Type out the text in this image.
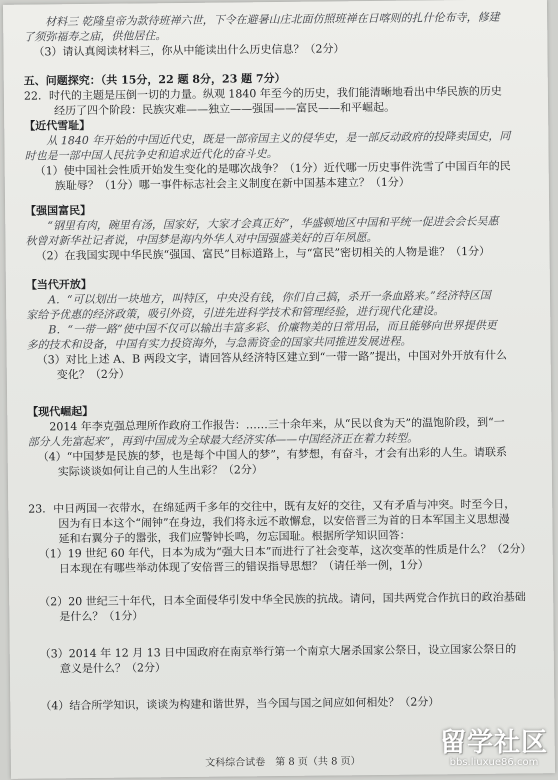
材料三 乾隆皇帝为款待班禅六世，下令在避暑山庄北面仿照班禅在日喀则的扎什伦布寺，修建

了须弥福寿之庙，供他居住。

（3）请认真阅读材料三，你从中能读出什么历史信息？（2分）

五、问题探究：（共 15分，22 题 8分，23 题 7分）

22．时代的主题是压倒一切的力量。纵观 1840 年至今的历史，我们能清晰地看出中华民族的历史

经历了四个阶段：民族灾难——独立——强国——富民——和平崛起。

【近代雪耻】

从 1840 年开始的中国近代史，既是一部帝国主义的侵华史，是一部反动政府的投降卖国史，同

时也是一部中国人民抗争史和追求近代化的奋斗史。

（1）使中国社会性质开始发生变化的是哪次战争？（1分）近代哪一历史事件洗雪了中国百年的民

族耻辱？（1分）哪一事件标志社会主义制度在新中国基本建立？（1分）

【强国富民】

“钢里有肉，碗里有汤，国家好，大家才会真正好”，华盛顿地区中国和平统一促进会会长吴惠

秋曾对新华社记者说，中国梦是海内外华人对中国强盛美好的百年夙愿。

（2）在我国实现中华民族“强国、富民”目标道路上，与“富民”密切相关的人物是谁？（1分）

【当代开放】

A．“可以划出一块地方，叫特区，中央没有钱，你们自己搞，杀开一条血路来。”经济特区国

家给予优惠的经济政策，吸引外资，引进先进科学技术和管理经验，进行现代化建设。

B．“一带一路”使中国不仅可以输出丰富多彩、价廉物美的日常用品，而且能够向世界提供更

多的技术和设备，中国有实力投资海外，与急需资金的国家共同推进发展进程。

（3）对比上述 A、B 两段文字，请回答从经济特区建立到“一带一路”提出，中国对外开放有什么

变化？（2分）

【现代崛起】

2014 年李克强总理所作政府工作报告：……三十余年来，从“民以食为天”的温饱阶段，到“一

部分人先富起来”，再到中国成为全球最大经济实体——中国经济正在着力转型。

（4）“中国梦是民族的梦，也是每个中国人的梦”，有梦想，有奋斗，才会有出彩的人生。请联系

实际谈谈如何让自己的人生出彩？（2分）

23．中日两国一衣带水，在绵延两千多年的交往中，既有友好的交往，又有矛盾与冲突。时至今日，

因为有日本这个“闹钟”在身边，我们将永远不敢懈怠，以安倍晋三为首的日本军国主义思想漫

延和右翼分子的嚣张，我们应警钟长鸣，勿忘国耻。根据所学知识回答：

（1）19 世纪 60 年代，日本为成为“强大日本”而进行了社会变革，这次变革的性质是什么？（2分）

日本现在有哪些举动体现了安倍晋三的错误指导思想？（请任举一例，1分）

（2）20 世纪三十年代，日本全面侵华引发中华全民族的抗战。请问，国共两党合作抗日的政治基础

是什么？（1分）

（3）2014 年 12 月 13 日中国政府在南京举行第一个南京大屠杀国家公祭日，设立国家公祭日的

意义是什么？（2分）

（4）结合所学知识，谈谈为构建和谐世界，当今国与国之间应如何相处？（2分）

文科综合试卷　第 8 页（共 8 页）
留学社区
bbs.liuxue86.com
